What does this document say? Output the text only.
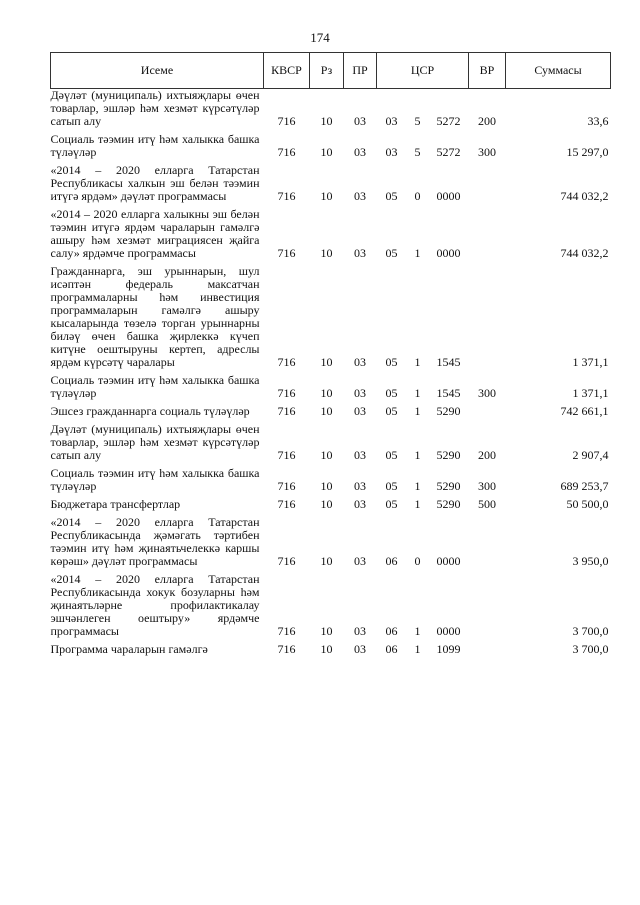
174
Исеме	КВСР	Рз	ПР	ЦСР			ВР	Суммасы
Дәүләт (муниципаль) ихтыяҗлары өчен товарлар, эшләр һәм хезмәт күрсәтүләр сатып алу	716	10	03	03	5	5272	200	33,6

Социаль тәэмин итү һәм халыкка башка түләүләр	716	10	03	03	5	5272	300	15 297,0

«2014 – 2020 елларга Татарстан Республикасы халкын эш белән тәэмин итүгә ярдәм» дәүләт программасы	716	10	03	05	0	0000		744 032,2

«2014 – 2020 елларга халыкны эш белән тәэмин итүгә ярдәм чараларын гамәлгә ашыру һәм хезмәт миграциясен җайга салу» ярдәмче программасы	716	10	03	05	1	0000		744 032,2

Гражданнарга, эш урыннарын, шул исәптән федераль максатчан программаларны һәм инвестиция программаларын гамәлгә ашыру кысаларында төзелә торган урыннарны билəү өчен башка җирлеккә күчеп китүне оештыруны кертеп, адреслы ярдәм күрсәтү чаралары	716	10	03	05	1	1545		1 371,1

Социаль тәэмин итү һәм халыкка башка түләүләр	716	10	03	05	1	1545	300	1 371,1

Эшсез гражданнарга социаль түләүләр	716	10	03	05	1	5290		742 661,1

Дәүләт (муниципаль) ихтыяҗлары өчен товарлар, эшләр һәм хезмәт күрсәтүләр сатып алу	716	10	03	05	1	5290	200	2 907,4

Социаль тәэмин итү һәм халыкка башка түләүләр	716	10	03	05	1	5290	300	689 253,7

Бюджетара трансфертлар	716	10	03	05	1	5290	500	50 500,0

«2014 – 2020 елларга Татарстан Республикасында җәмәгать тәртибен тәэмин итү һәм җинаятьчелеккә каршы көрәш» дәүләт программасы	716	10	03	06	0	0000		3 950,0

«2014 – 2020 елларга Татарстан Республикасында хокук бозуларны һәм җинаятьләрне профилактикалау эшчәнлеген оештыру» ярдәмче программасы	716	10	03	06	1	0000		3 700,0

Программа чараларын гамәлгә	716	10	03	06	1	1099		3 700,0
